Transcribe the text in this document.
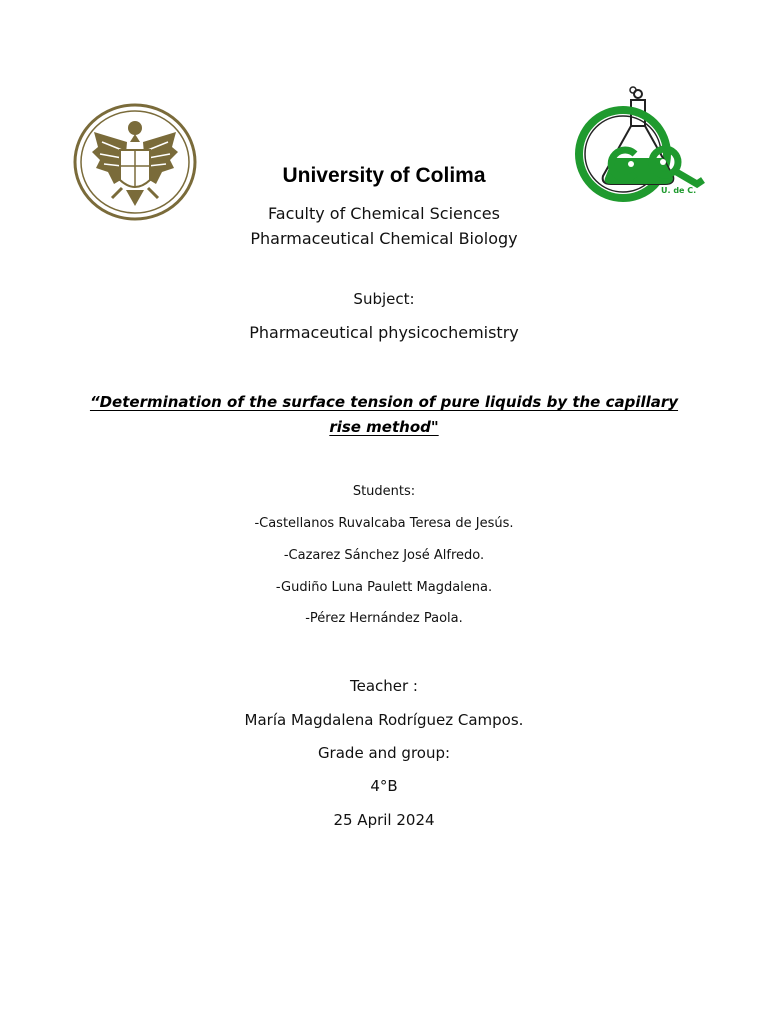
U. de C.
University of Colima
Faculty of Chemical Sciences
Pharmaceutical Chemical Biology
Subject:
Pharmaceutical physicochemistry
“Determination of the surface tension of pure liquids by the capillary
rise method"
Students:
-Castellanos Ruvalcaba Teresa de Jesús.
-Cazarez Sánchez José Alfredo.
-Gudiño Luna Paulett Magdalena.
-Pérez Hernández Paola.
Teacher :
María Magdalena Rodríguez Campos.
Grade and group:
4°B
25 April 2024
